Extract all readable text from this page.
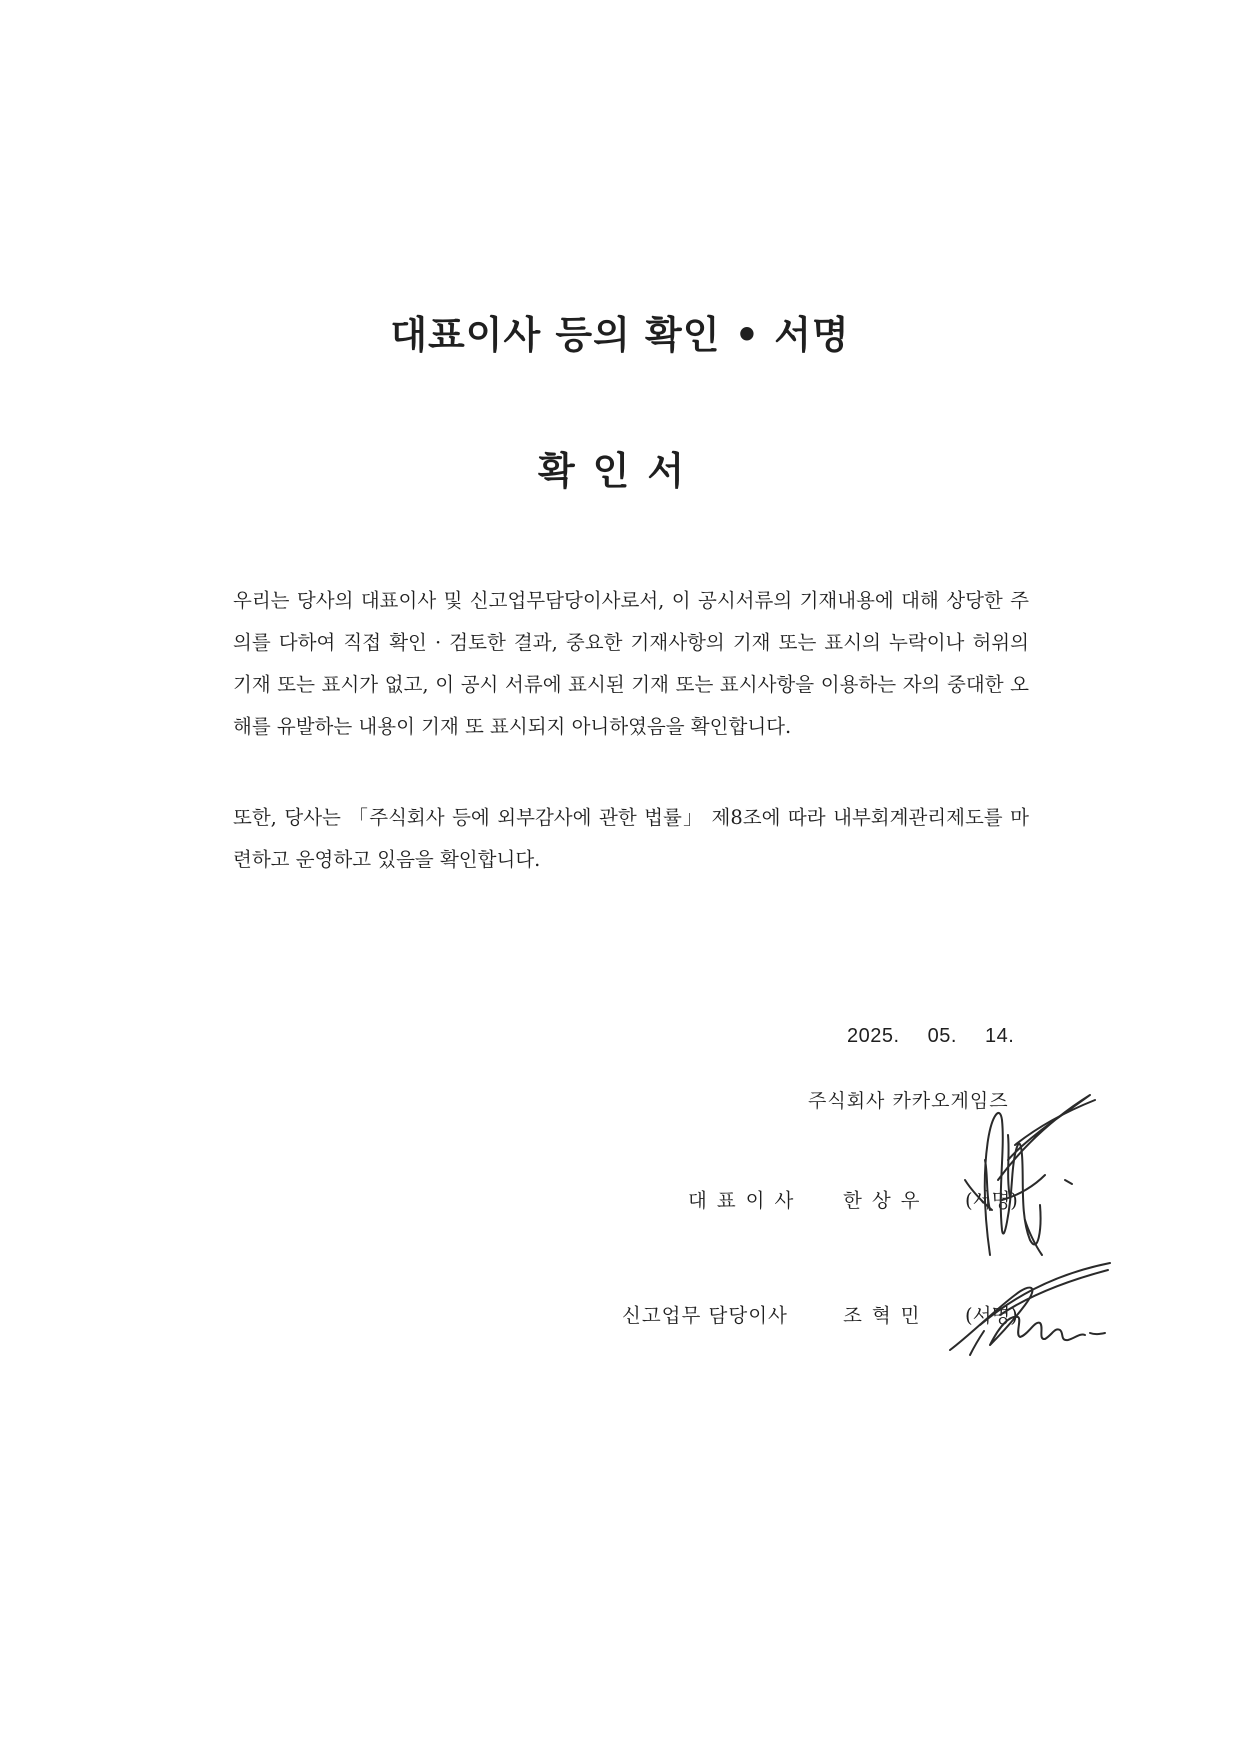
대표이사 등의 확인 • 서명
확인서
우리는 당사의 대표이사 및 신고업무담당이사로서, 이 공시서류의 기재내용에 대해 상당한 주의를 다하여 직접 확인 · 검토한 결과, 중요한 기재사항의 기재 또는 표시의 누락이나 허위의 기재 또는 표시가 없고, 이 공시 서류에 표시된 기재 또는 표시사항을 이용하는 자의 중대한 오해를 유발하는 내용이 기재 또 표시되지 아니하였음을 확인합니다.
또한, 당사는 「주식회사 등에 외부감사에 관한 법률」 제8조에 따라 내부회계관리제도를 마련하고 운영하고 있음을 확인합니다.
2025. 05. 14.
주식회사 카카오게임즈
대표이사 한상우 (서명)
신고업무 담당이사	조혁민 (서명)
